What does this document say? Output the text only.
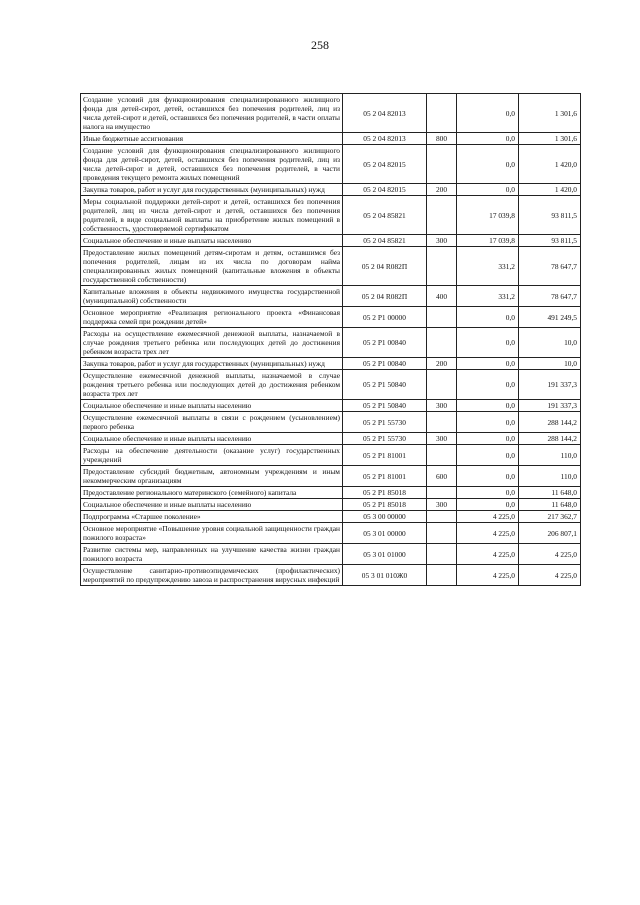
258
Создание условий для функционирования специализированного жилищного фонда для детей-сирот, детей, оставшихся без попечения родителей, лиц из числа детей-сирот и детей, оставшихся без попечения родителей, в части оплаты налога на имущество	05 2 04 82013		0,0	1 301,6
Иные бюджетные ассигнования	05 2 04 82013	800	0,0	1 301,6
Создание условий для функционирования специализированного жилищного фонда для детей-сирот, детей, оставшихся без попечения родителей, лиц из числа детей-сирот и детей, оставшихся без попечения родителей, в части проведения текущего ремонта жилых помещений	05 2 04 82015		0,0	1 420,0
Закупка товаров, работ и услуг для государственных (муниципальных) нужд	05 2 04 82015	200	0,0	1 420,0
Меры социальной поддержки детей-сирот и детей, оставшихся без попечения родителей, лиц из числа детей-сирот и детей, оставшихся без попечения родителей, в виде социальной выплаты на приобретение жилых помещений в собственность, удостоверяемой сертификатом	05 2 04 85821		17 039,8	93 811,5
Социальное обеспечение и иные выплаты населению	05 2 04 85821	300	17 039,8	93 811,5
Предоставление жилых помещений детям-сиротам и детям, оставшимся без попечения родителей, лицам из их числа по договорам найма специализированных жилых помещений (капитальные вложения в объекты государственной собственности)	05 2 04 R082П		331,2	78 647,7
Капитальные вложения в объекты недвижимого имущества государственной (муниципальной) собственности	05 2 04 R082П	400	331,2	78 647,7
Основное мероприятие «Реализация регионального проекта «Финансовая поддержка семей при рождении детей»	05 2 P1 00000		0,0	491 249,5
Расходы на осуществление ежемесячной денежной выплаты, назначаемой в случае рождения третьего ребенка или последующих детей до достижения ребенком возраста трех лет	05 2 P1 00840		0,0	10,0
Закупка товаров, работ и услуг для государственных (муниципальных) нужд	05 2 P1 00840	200	0,0	10,0
Осуществление ежемесячной денежной выплаты, назначаемой в случае рождения третьего ребенка или последующих детей до достижения ребенком возраста трех лет	05 2 P1 50840		0,0	191 337,3
Социальное обеспечение и иные выплаты населению	05 2 P1 50840	300	0,0	191 337,3
Осуществление ежемесячной выплаты в связи с рождением (усыновлением) первого ребенка	05 2 P1 55730		0,0	288 144,2
Социальное обеспечение и иные выплаты населению	05 2 P1 55730	300	0,0	288 144,2
Расходы на обеспечение деятельности (оказание услуг) государственных учреждений	05 2 P1 81001		0,0	110,0
Предоставление субсидий бюджетным, автономным учреждениям и иным некоммерческим организациям	05 2 P1 81001	600	0,0	110,0
Предоставление регионального материнского (семейного) капитала	05 2 P1 85018		0,0	11 648,0
Социальное обеспечение и иные выплаты населению	05 2 P1 85018	300	0,0	11 648,0
Подпрограмма «Старшее поколение»	05 3 00 00000		4 225,0	217 362,7
Основное мероприятие «Повышение уровня социальной защищенности граждан пожилого возраста»	05 3 01 00000		4 225,0	206 807,1
Развитие системы мер, направленных на улучшение качества жизни граждан пожилого возраста	05 3 01 01000		4 225,0	4 225,0
Осуществление санитарно-противоэпидемических (профилактических) мероприятий по предупреждению завоза и распространения вирусных инфекций	05 3 01 010Ж0		4 225,0	4 225,0
